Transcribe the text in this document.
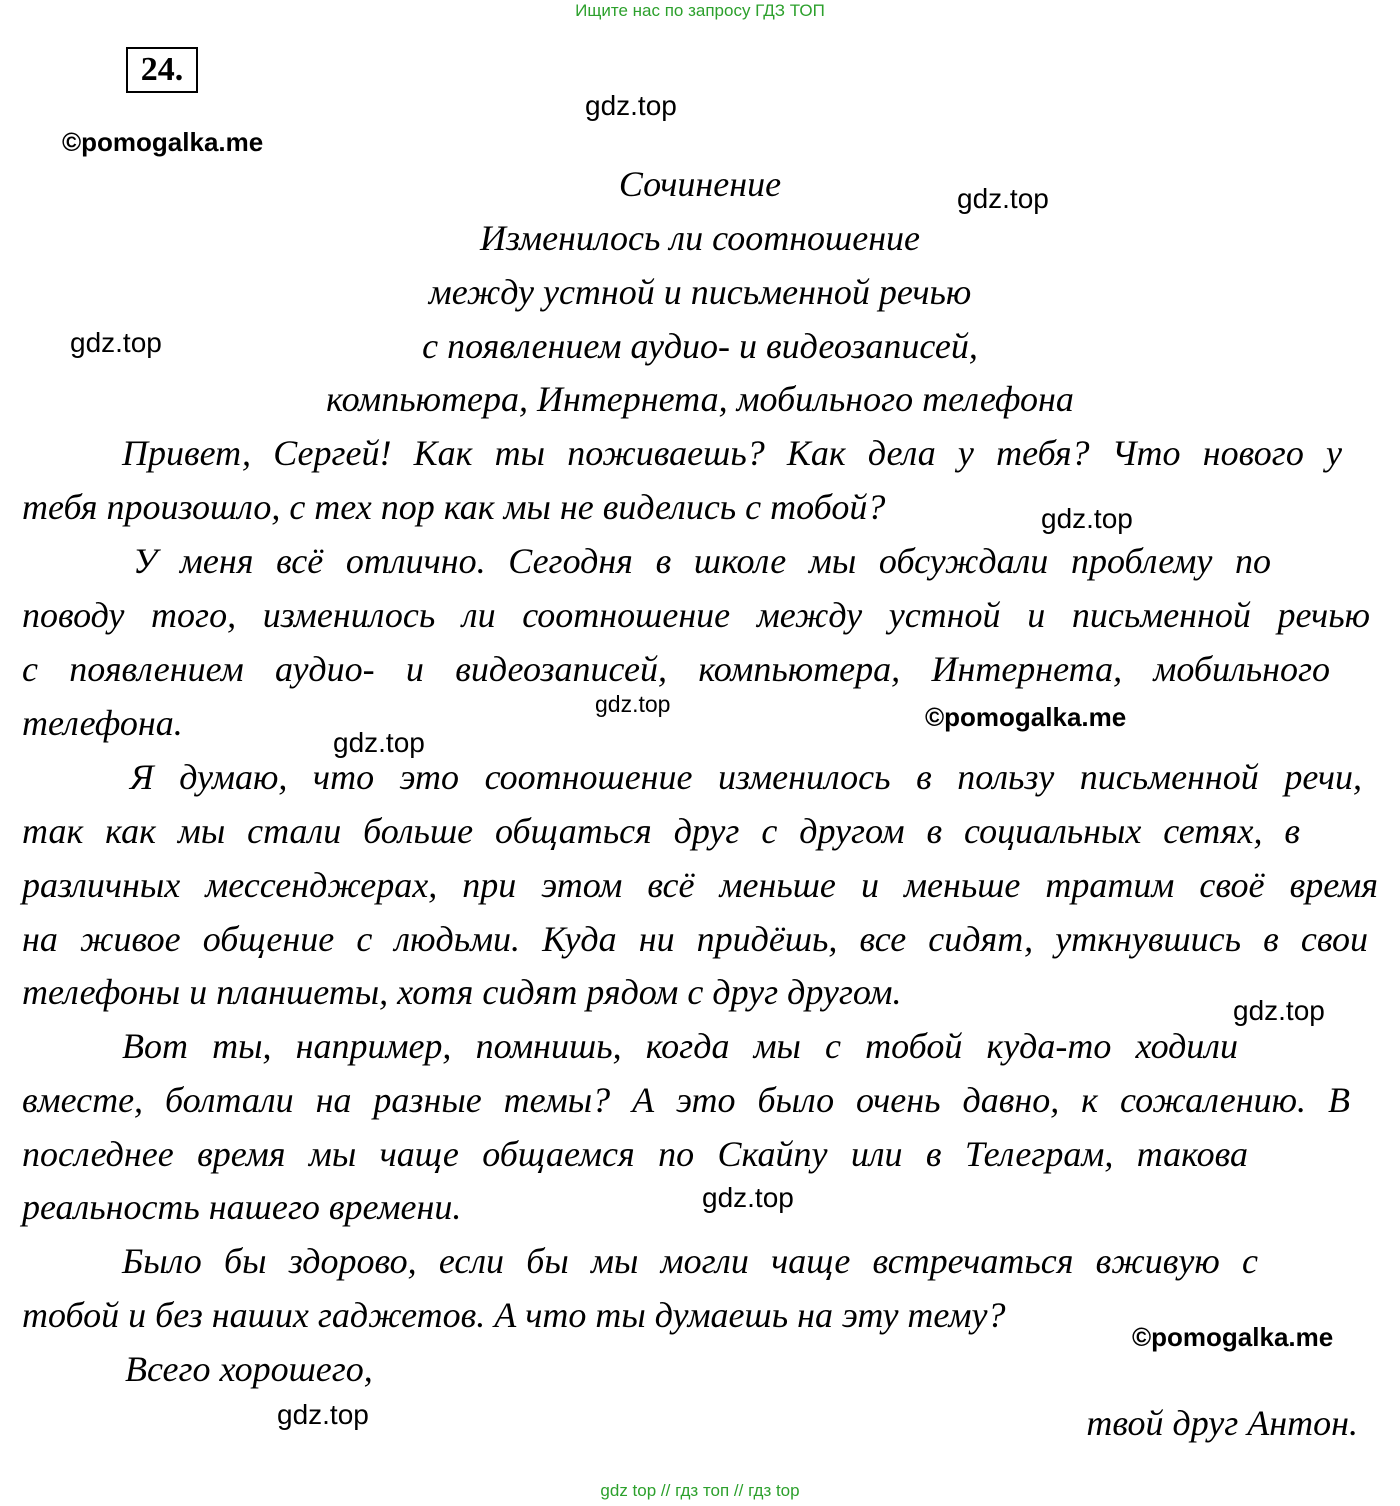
Ищите нас по запросу ГДЗ ТОП
24.
gdz.top
©pomogalka.me
gdz.top
gdz.top
gdz.top
gdz.top	©pomogalka.me
gdz.top
gdz.top
gdz.top
©pomogalka.me
gdz.top
Сочинение
Изменилось ли соотношение
между устной и письменной речью
с появлением аудио- и видеозаписей,
компьютера, Интернета, мобильного телефона
Привет, Сергей! Как ты поживаешь? Как дела у тебя? Что нового у
тебя произошло, с тех пор как мы не виделись с тобой?
У меня всё отлично. Сегодня в школе мы обсуждали проблему по
поводу того, изменилось ли соотношение между устной и письменной речью
с появлением аудио- и видеозаписей, компьютера, Интернета, мобильного
телефона.
Я думаю, что это соотношение изменилось в пользу письменной речи,
так как мы стали больше общаться друг с другом в социальных сетях, в
различных мессенджерах, при этом всё меньше и меньше тратим своё время
на живое общение с людьми. Куда ни придёшь, все сидят, уткнувшись в свои
телефоны и планшеты, хотя сидят рядом с друг другом.
Вот ты, например, помнишь, когда мы с тобой куда-то ходили
вместе, болтали на разные темы? А это было очень давно, к сожалению. В
последнее время мы чаще общаемся по Скайпу или в Телеграм, такова
реальность нашего времени.
Было бы здорово, если бы мы могли чаще встречаться вживую с
тобой и без наших гаджетов. А что ты думаешь на эту тему?
Всего хорошего,
твой друг Антон.
gdz top // гдз топ // гдз top
